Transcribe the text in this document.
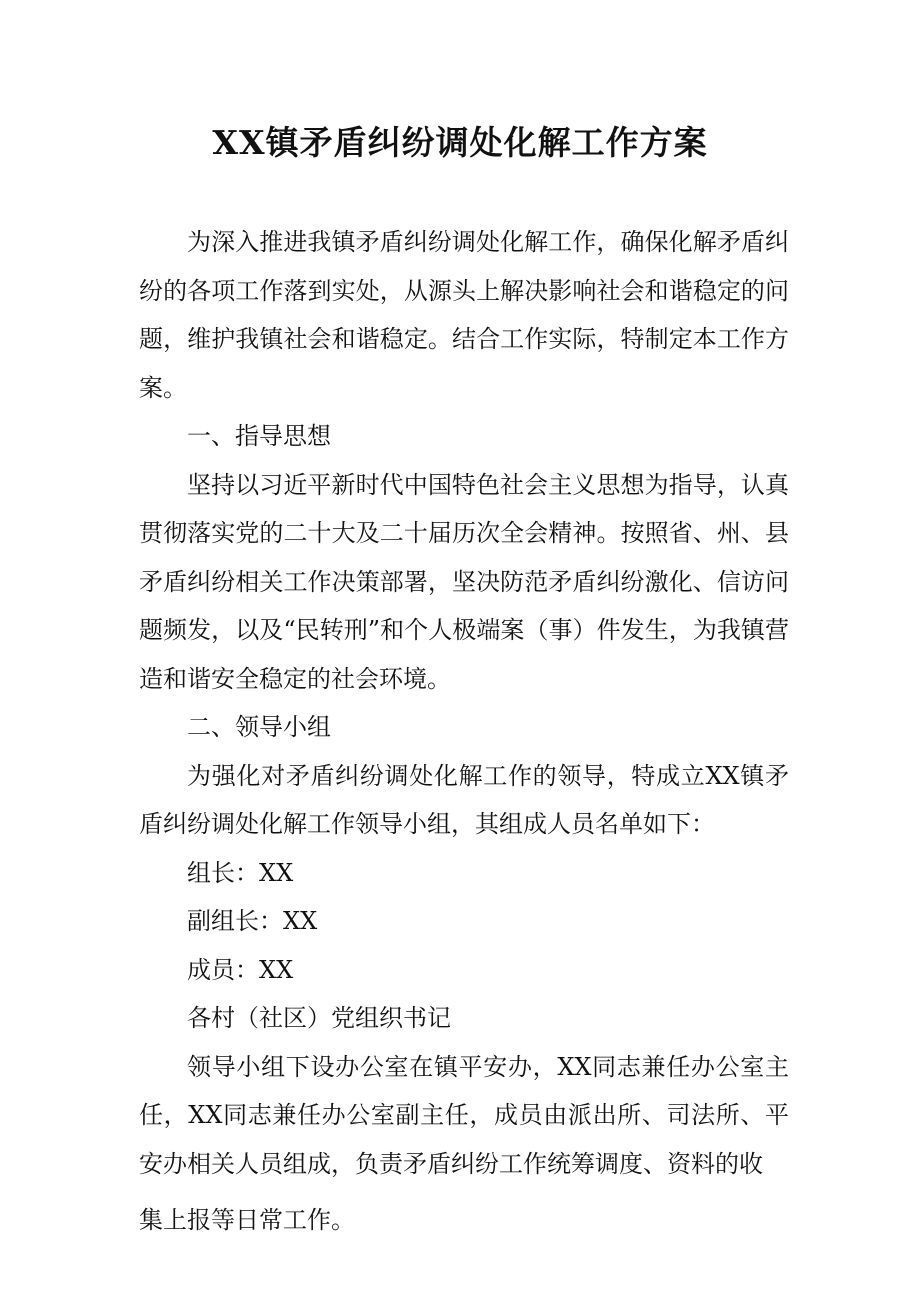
XX镇矛盾纠纷调处化解工作方案

为深入推进我镇矛盾纠纷调处化解工作，确保化解矛盾纠纷的各项工作落到实处，从源头上解决影响社会和谐稳定的问题，维护我镇社会和谐稳定。结合工作实际，特制定本工作方案。

一、指导思想

坚持以习近平新时代中国特色社会主义思想为指导，认真贯彻落实党的二十大及二十届历次全会精神。按照省、州、县矛盾纠纷相关工作决策部署，坚决防范矛盾纠纷激化、信访问题频发，以及“民转刑”和个人极端案（事）件发生，为我镇营造和谐安全稳定的社会环境。

二、领导小组

为强化对矛盾纠纷调处化解工作的领导，特成立XX镇矛盾纠纷调处化解工作领导小组，其组成人员名单如下：

组长：XX

副组长：XX

成员：XX

各村（社区）党组织书记

领导小组下设办公室在镇平安办，XX同志兼任办公室主任，XX同志兼任办公室副主任，成员由派出所、司法所、平安办相关人员组成，负责矛盾纠纷工作统筹调度、资料的收

集上报等日常工作。
